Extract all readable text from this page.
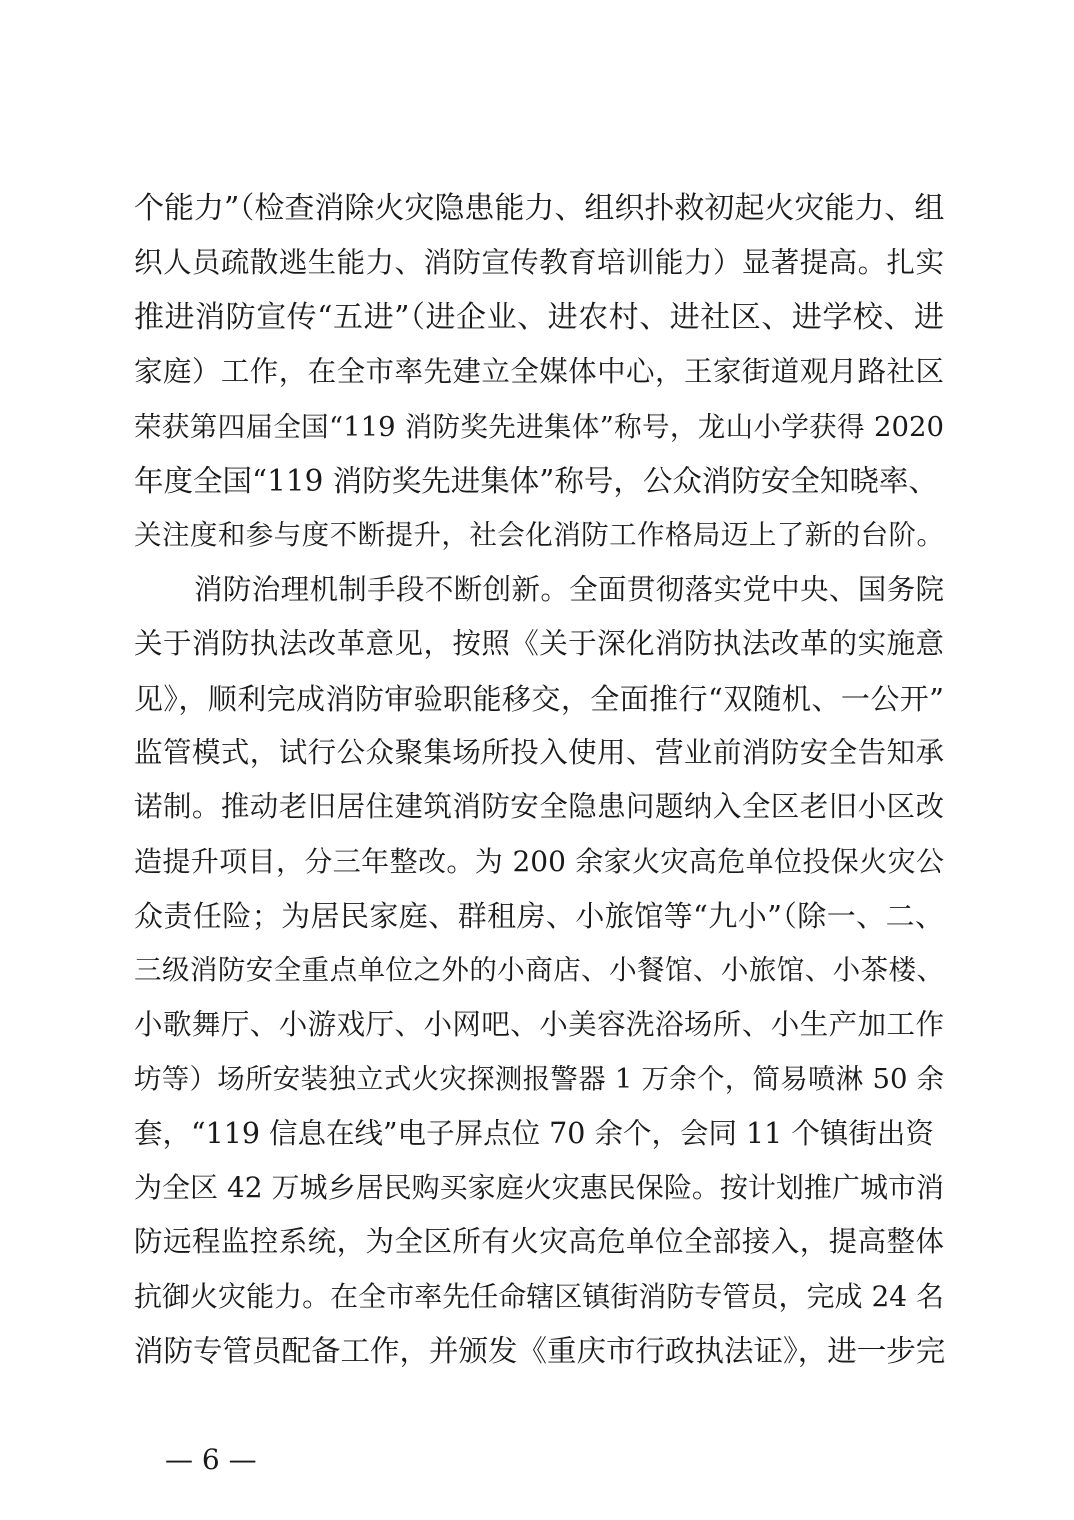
个能力”（检查消除火灾隐患能力、组织扑救初起火灾能力、组
织人员疏散逃生能力、消防宣传教育培训能力）显著提高。扎实
推进消防宣传“五进”（进企业、进农村、进社区、进学校、进
家庭）工作，在全市率先建立全媒体中心，王家街道观月路社区
荣获第四届全国“119 消防奖先进集体”称号，龙山小学获得 2020
年度全国“119 消防奖先进集体”称号，公众消防安全知晓率、
关注度和参与度不断提升，社会化消防工作格局迈上了新的台阶。
消防治理机制手段不断创新。全面贯彻落实党中央、国务院
关于消防执法改革意见，按照《关于深化消防执法改革的实施意
见》，顺利完成消防审验职能移交，全面推行“双随机、一公开”
监管模式，试行公众聚集场所投入使用、营业前消防安全告知承
诺制。推动老旧居住建筑消防安全隐患问题纳入全区老旧小区改
造提升项目，分三年整改。为 200 余家火灾高危单位投保火灾公
众责任险；为居民家庭、群租房、小旅馆等“九小”（除一、二、
三级消防安全重点单位之外的小商店、小餐馆、小旅馆、小茶楼、
小歌舞厅、小游戏厅、小网吧、小美容洗浴场所、小生产加工作
坊等）场所安装独立式火灾探测报警器 1 万余个，简易喷淋 50 余
套，“119 信息在线”电子屏点位 70 余个，会同 11 个镇街出资
为全区 42 万城乡居民购买家庭火灾惠民保险。按计划推广城市消
防远程监控系统，为全区所有火灾高危单位全部接入，提高整体
抗御火灾能力。在全市率先任命辖区镇街消防专管员，完成 24 名
消防专管员配备工作，并颁发《重庆市行政执法证》，进一步完
— 6 —
